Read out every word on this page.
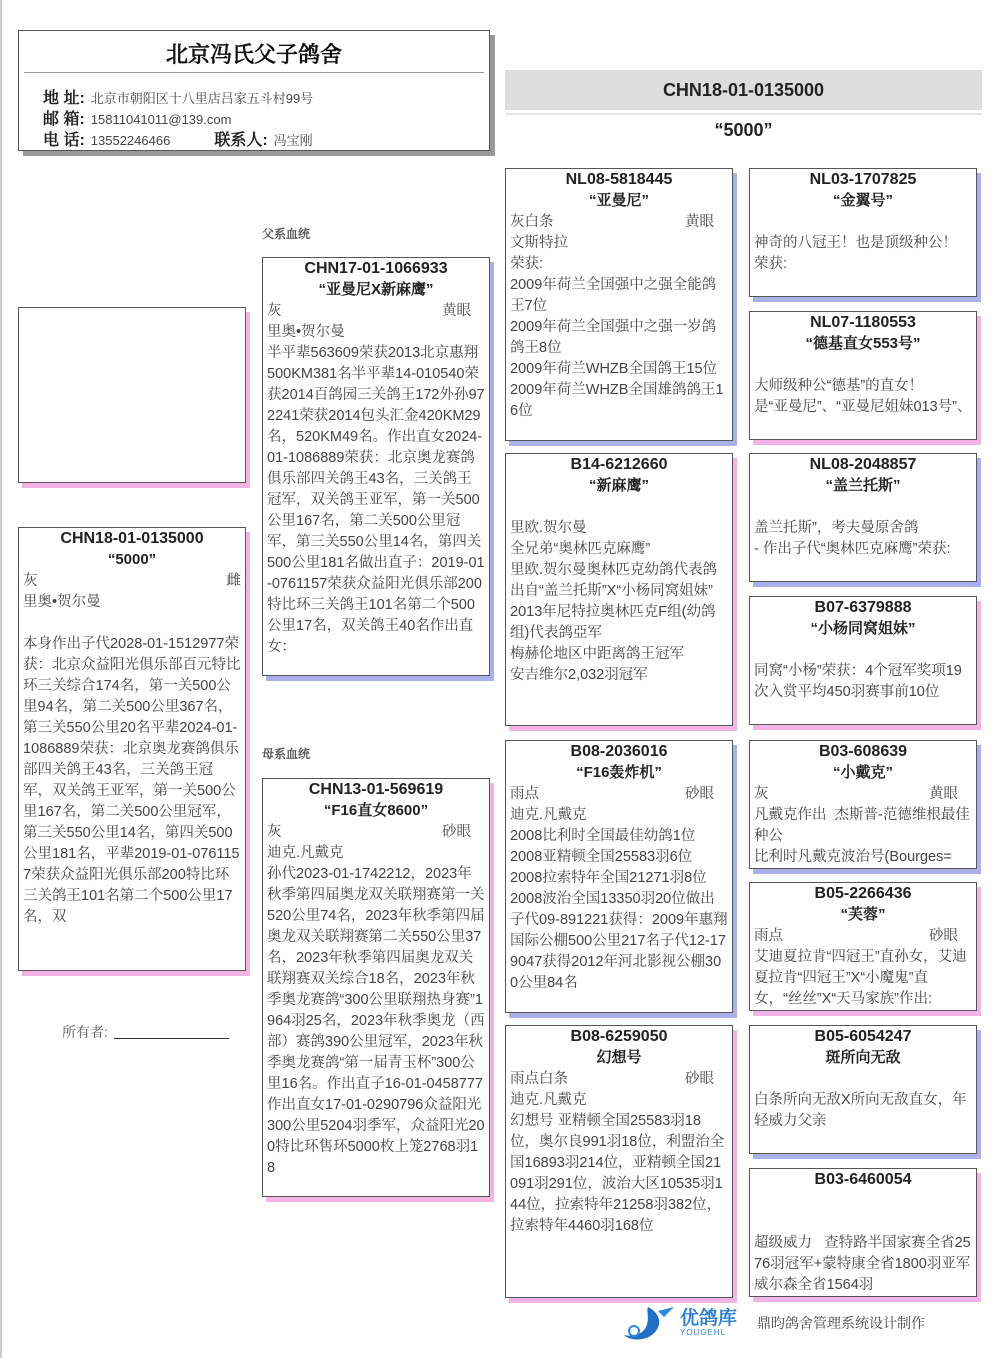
北京冯氏父子鸽舍
地 址: 北京市朝阳区十八里店吕家五斗村99号
邮 箱: 15811041011@139.com
电 话: 13552246466	联系人: 冯宝刚
CHN18-01-0135000
“5000”
父系血统
母系血统
CHN18-01-0135000
“5000”
灰	雌
里奥•贺尔曼

本身作出子代2028-01-1512977荣获：北京众益阳光俱乐部百元特比环三关综合174名，第一关500公里94名，第二关500公里367名，第三关550公里20名平辈2024-01-1086889荣获：北京奥龙赛鸽俱乐部四关鸽王43名，三关鸽王冠军，双关鸽王亚军，第一关500公里167名，第二关500公里冠军，第三关550公里14名，第四关500公里181名，平辈2019-01-0761157荣获众益阳光俱乐部200特比环三关鸽王101名第二个500公里17名，双
CHN17-01-1066933
“亚曼尼X新麻鹰”
灰	黄眼
里奥•贺尔曼
半平辈563609荣获2013北京惠翔500KM381名半平辈14-010540荣获2014百鸽园三关鸽王172外孙972241荣获2014包头汇金420KM29名，520KM49名。作出直女2024-01-1086889荣获：北京奥龙赛鸽俱乐部四关鸽王43名，三关鸽王冠军，双关鸽王亚军，第一关500公里167名，第二关500公里冠军，第三关550公里14名，第四关500公里181名做出直子：2019-01-0761157荣获众益阳光俱乐部200特比环三关鸽王101名第二个500公里17名，双关鸽王40名作出直女：
CHN13-01-569619
“F16直女8600”
灰	砂眼
迪克.凡戴克
孙代2023-01-1742212，2023年秋季第四届奥龙双关联翔赛第一关520公里74名，2023年秋季第四届奥龙双关联翔赛第二关550公里37名，2023年秋季第四届奥龙双关联翔赛双关综合18名，2023年秋季奥龙赛鸽“300公里联翔热身赛”1964羽25名，2023年秋季奥龙（西部）赛鸽390公里冠军，2023年秋季奥龙赛鸽“第一届青玉杯”300公里16名。作出直子16-01-0458777作出直女17-01-0290796众益阳光300公里5204羽季军，众益阳光200特比环售环5000枚上笼2768羽18
NL08-5818445
“亚曼尼”
灰白条	黄眼
文斯特拉
荣获:
2009年荷兰全国强中之强全能鸽王7位
2009年荷兰全国强中之强一岁鸽鸽王8位
2009年荷兰WHZB全国鸽王15位
2009年荷兰WHZB全国雄鸽鸽王16位
B14-6212660
“新麻鹰”
里欧.贺尔曼
全兄弟“奥林匹克麻鹰”
里欧.贺尔曼奥林匹克幼鸽代表鸽
出自“盖兰托斯”X“小杨同窝姐妹”
2013年尼特拉奥林匹克F组(幼鸽组)代表鸽亞军
梅赫伦地区中距离鸽王冠军
安吉维尔2,032羽冠军
B08-2036016
“F16轰炸机”
雨点	砂眼
迪克.凡戴克
2008比利时全国最佳幼鸽1位
2008亚精顿全国25583羽6位
2008拉索特年全国21271羽8位
2008波治全国13350羽20位做出子代09-891221获得：2009年惠翔国际公棚500公里217名子代12-179047获得2012年河北影视公棚300公里84名
B08-6259050
幻想号
雨点白条	砂眼
迪克.凡戴克
幻想号 亚精顿全国25583羽18位，奥尔良991羽18位，利盟治全国16893羽214位，亚精顿全国21091羽291位，波治大区10535羽144位，拉索特年21258羽382位，拉索特年4460羽168位
NL03-1707825
“金翼号”
神奇的八冠王！也是顶级种公！
荣获:
NL07-1180553
“德基直女553号”
大师级种公“德基”的直女！
是“亚曼尼”、“亚曼尼姐妹013号”、
NL08-2048857
“盖兰托斯”
盖兰托斯”，考夫曼原舍鸽
- 作出子代“奥林匹克麻鹰”荣获:
B07-6379888
“小杨同窝姐妹”
同窝“小杨”荣获：4个冠军奖项19次入赏平均450羽赛事前10位
B03-608639
“小戴克”
灰	黄眼
凡戴克作出  杰斯普-范德维根最佳种公
比利时凡戴克波治号(Bourges=
B05-2266436
“芙蓉”
雨点	砂眼
艾迪夏拉肯“四冠王”直孙女，艾迪夏拉肯“四冠王”X“小魔鬼”直女，“丝丝”X“天马家族”作出:
B05-6054247
斑所向无敌
白条所向无敌X所向无敌直女，年轻威力父亲
B03-6460054
超级威力   查特路半国家赛全省2576羽冠军+蒙特康全省1800羽亚军 威尔森全省1564羽
所有者:
优鸽库
YOUGEHL
鼎昀鸽舍管理系统设计制作
